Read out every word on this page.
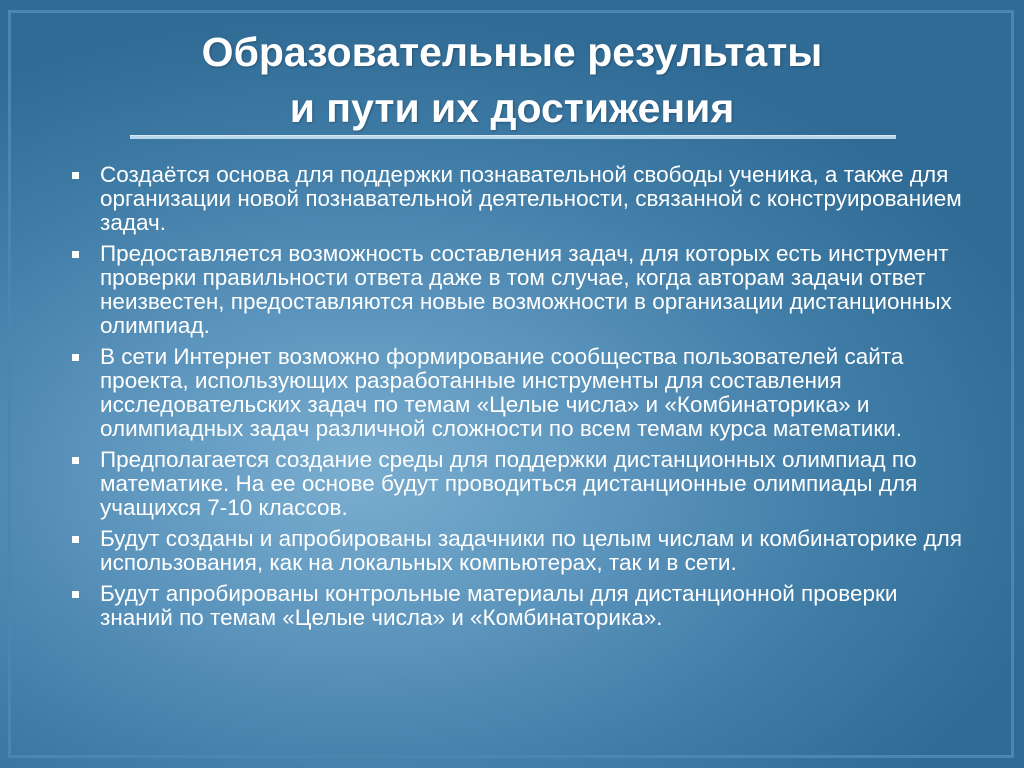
Образовательные результаты
и пути их достижения
Создаётся основа для поддержки познавательной свободы ученика, а также для организации новой познавательной деятельности, связанной с конструированием задач.
Предоставляется возможность составления задач, для которых есть инструмент проверки правильности ответа даже в том случае, когда авторам задачи ответ неизвестен, предоставляются новые возможности в организации дистанционных олимпиад.
В сети Интернет возможно формирование сообщества пользователей сайта проекта, использующих разработанные инструменты для составления исследовательских задач по темам «Целые числа» и «Комбинаторика» и олимпиадных задач различной сложности по всем темам курса математики.
Предполагается создание среды для поддержки дистанционных олимпиад по математике. На ее основе будут проводиться дистанционные олимпиады для учащихся 7-10 классов.
Будут созданы и апробированы задачники по целым числам и комбинаторике для использования, как на локальных компьютерах, так и в сети.
Будут апробированы контрольные материалы для дистанционной проверки знаний по темам «Целые числа» и «Комбинаторика».
